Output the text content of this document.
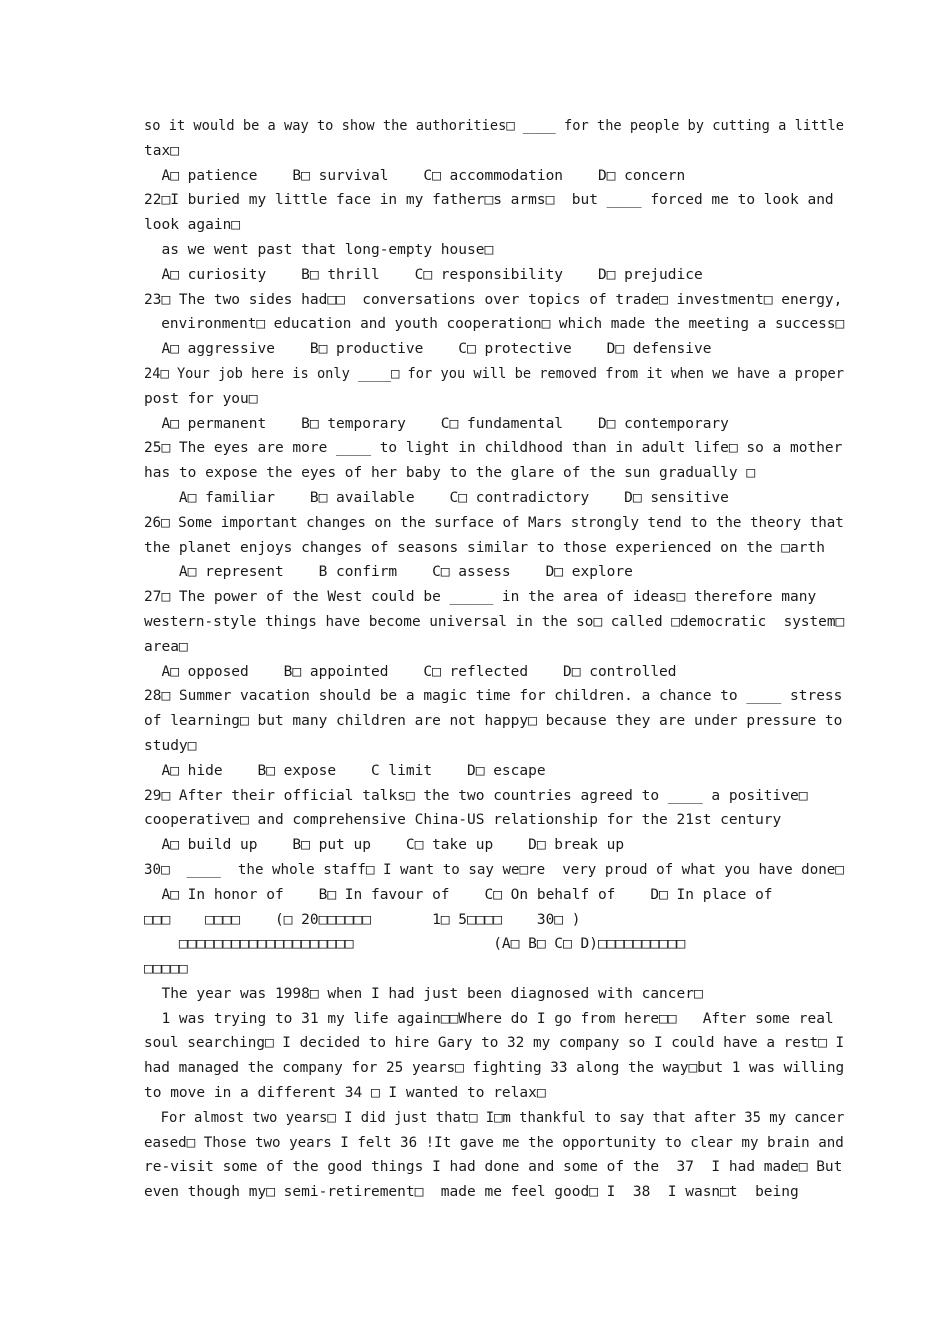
so it would be a way to show the authorities□ ____ for the people by cutting a little
tax□
A□ patience    B□ survival    C□ accommodation    D□ concern
22□I buried my little face in my father□s arms□  but ____ forced me to look and
look again□
as we went past that long-empty house□
A□ curiosity    B□ thrill    C□ responsibility    D□ prejudice
23□ The two sides had□□  conversations over topics of trade□ investment□ energy,
environment□ education and youth cooperation□ which made the meeting a success□
A□ aggressive    B□ productive    C□ protective    D□ defensive
24□ Your job here is only ____□ for you will be removed from it when we have a proper
post for you□
A□ permanent    B□ temporary    C□ fundamental    D□ contemporary
25□ The eyes are more ____ to light in childhood than in adult life□ so a mother
has to expose the eyes of her baby to the glare of the sun gradually □
A□ familiar    B□ available    C□ contradictory    D□ sensitive
26□ Some important changes on the surface of Mars strongly tend to the theory that
the planet enjoys changes of seasons similar to those experienced on the □arth
A□ represent    B confirm    C□ assess    D□ explore
27□ The power of the West could be _____ in the area of ideas□ therefore many
western-style things have become universal in the so□ called □democratic  system□
area□
A□ opposed    B□ appointed    C□ reflected    D□ controlled
28□ Summer vacation should be a magic time for children. a chance to ____ stress
of learning□ but many children are not happy□ because they are under pressure to
study□
A□ hide    B□ expose    C limit    D□ escape
29□ After their official talks□ the two countries agreed to ____ a positive□
cooperative□ and comprehensive China-US relationship for the 21st century
A□ build up    B□ put up    C□ take up    D□ break up
30□  ____  the whole staff□ I want to say we□re  very proud of what you have done□
A□ In honor of    B□ In favour of    C□ On behalf of    D□ In place of
□□□    □□□□    (□ 20□□□□□□       1□ 5□□□□    30□ )
□□□□□□□□□□□□□□□□□□□□                (A□ B□ C□ D)□□□□□□□□□□
□□□□□
The year was 1998□ when I had just been diagnosed with cancer□
1 was trying to 31 my life again□□Where do I go from here□□   After some real
soul searching□ I decided to hire Gary to 32 my company so I could have a rest□ I
had managed the company for 25 years□ fighting 33 along the way□but 1 was willing
to move in a different 34 □ I wanted to relax□
For almost two years□ I did just that□ I□m thankful to say that after 35 my cancer
eased□ Those two years I felt 36 !It gave me the opportunity to clear my brain and
re-visit some of the good things I had done and some of the  37  I had made□ But
even though my□ semi-retirement□  made me feel good□ I  38  I wasn□t  being
